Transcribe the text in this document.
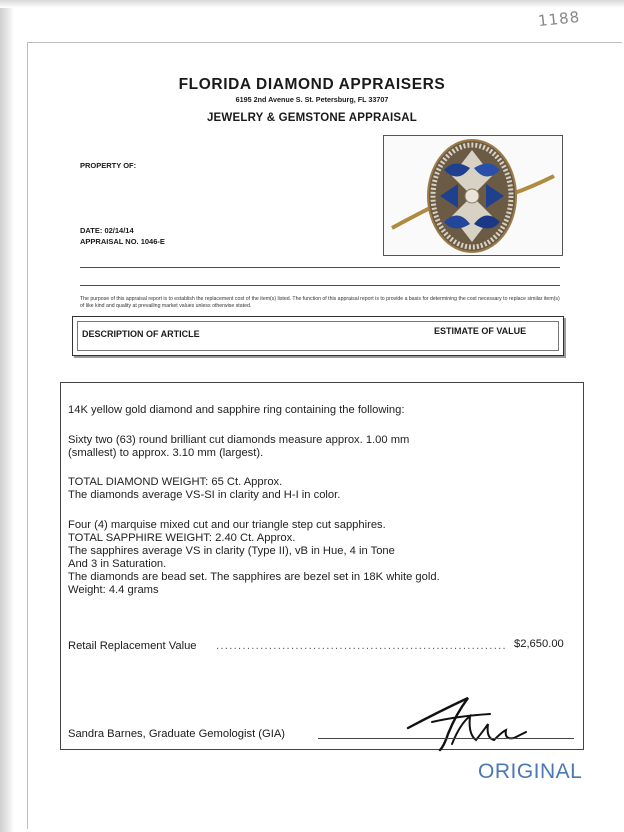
1188
FLORIDA DIAMOND APPRAISERS
6195 2nd Avenue S. St. Petersburg, FL 33707
JEWELRY & GEMSTONE APPRAISAL
PROPERTY OF:
DATE: 02/14/14
APPRAISAL NO. 1046-E
The purpose of this appraisal report is to establish the replacement cost of the item(s) listed. The function of this appraisal report is to provide a basis for determining the cost necessary to replace similar item(s) of like kind and quality at prevailing market values unless otherwise stated.
DESCRIPTION OF ARTICLE	ESTIMATE OF VALUE
14K yellow gold diamond and sapphire ring containing the following:
Sixty two (63) round brilliant cut diamonds measure approx. 1.00 mm
(smallest) to approx. 3.10 mm (largest).
TOTAL DIAMOND WEIGHT: 65 Ct. Approx.
The diamonds average VS-SI in clarity and H-I in color.
Four (4) marquise mixed cut and our triangle step cut sapphires.
TOTAL SAPPHIRE WEIGHT: 2.40 Ct. Approx.
The sapphires average VS in clarity (Type II), vB in Hue, 4 in Tone
And 3 in Saturation.
The diamonds are bead set. The sapphires are bezel set in 18K white gold.
Weight: 4.4 grams
Retail Replacement Value .................................................................. $2,650.00
Sandra Barnes, Graduate Gemologist (GIA)
ORIGINAL
